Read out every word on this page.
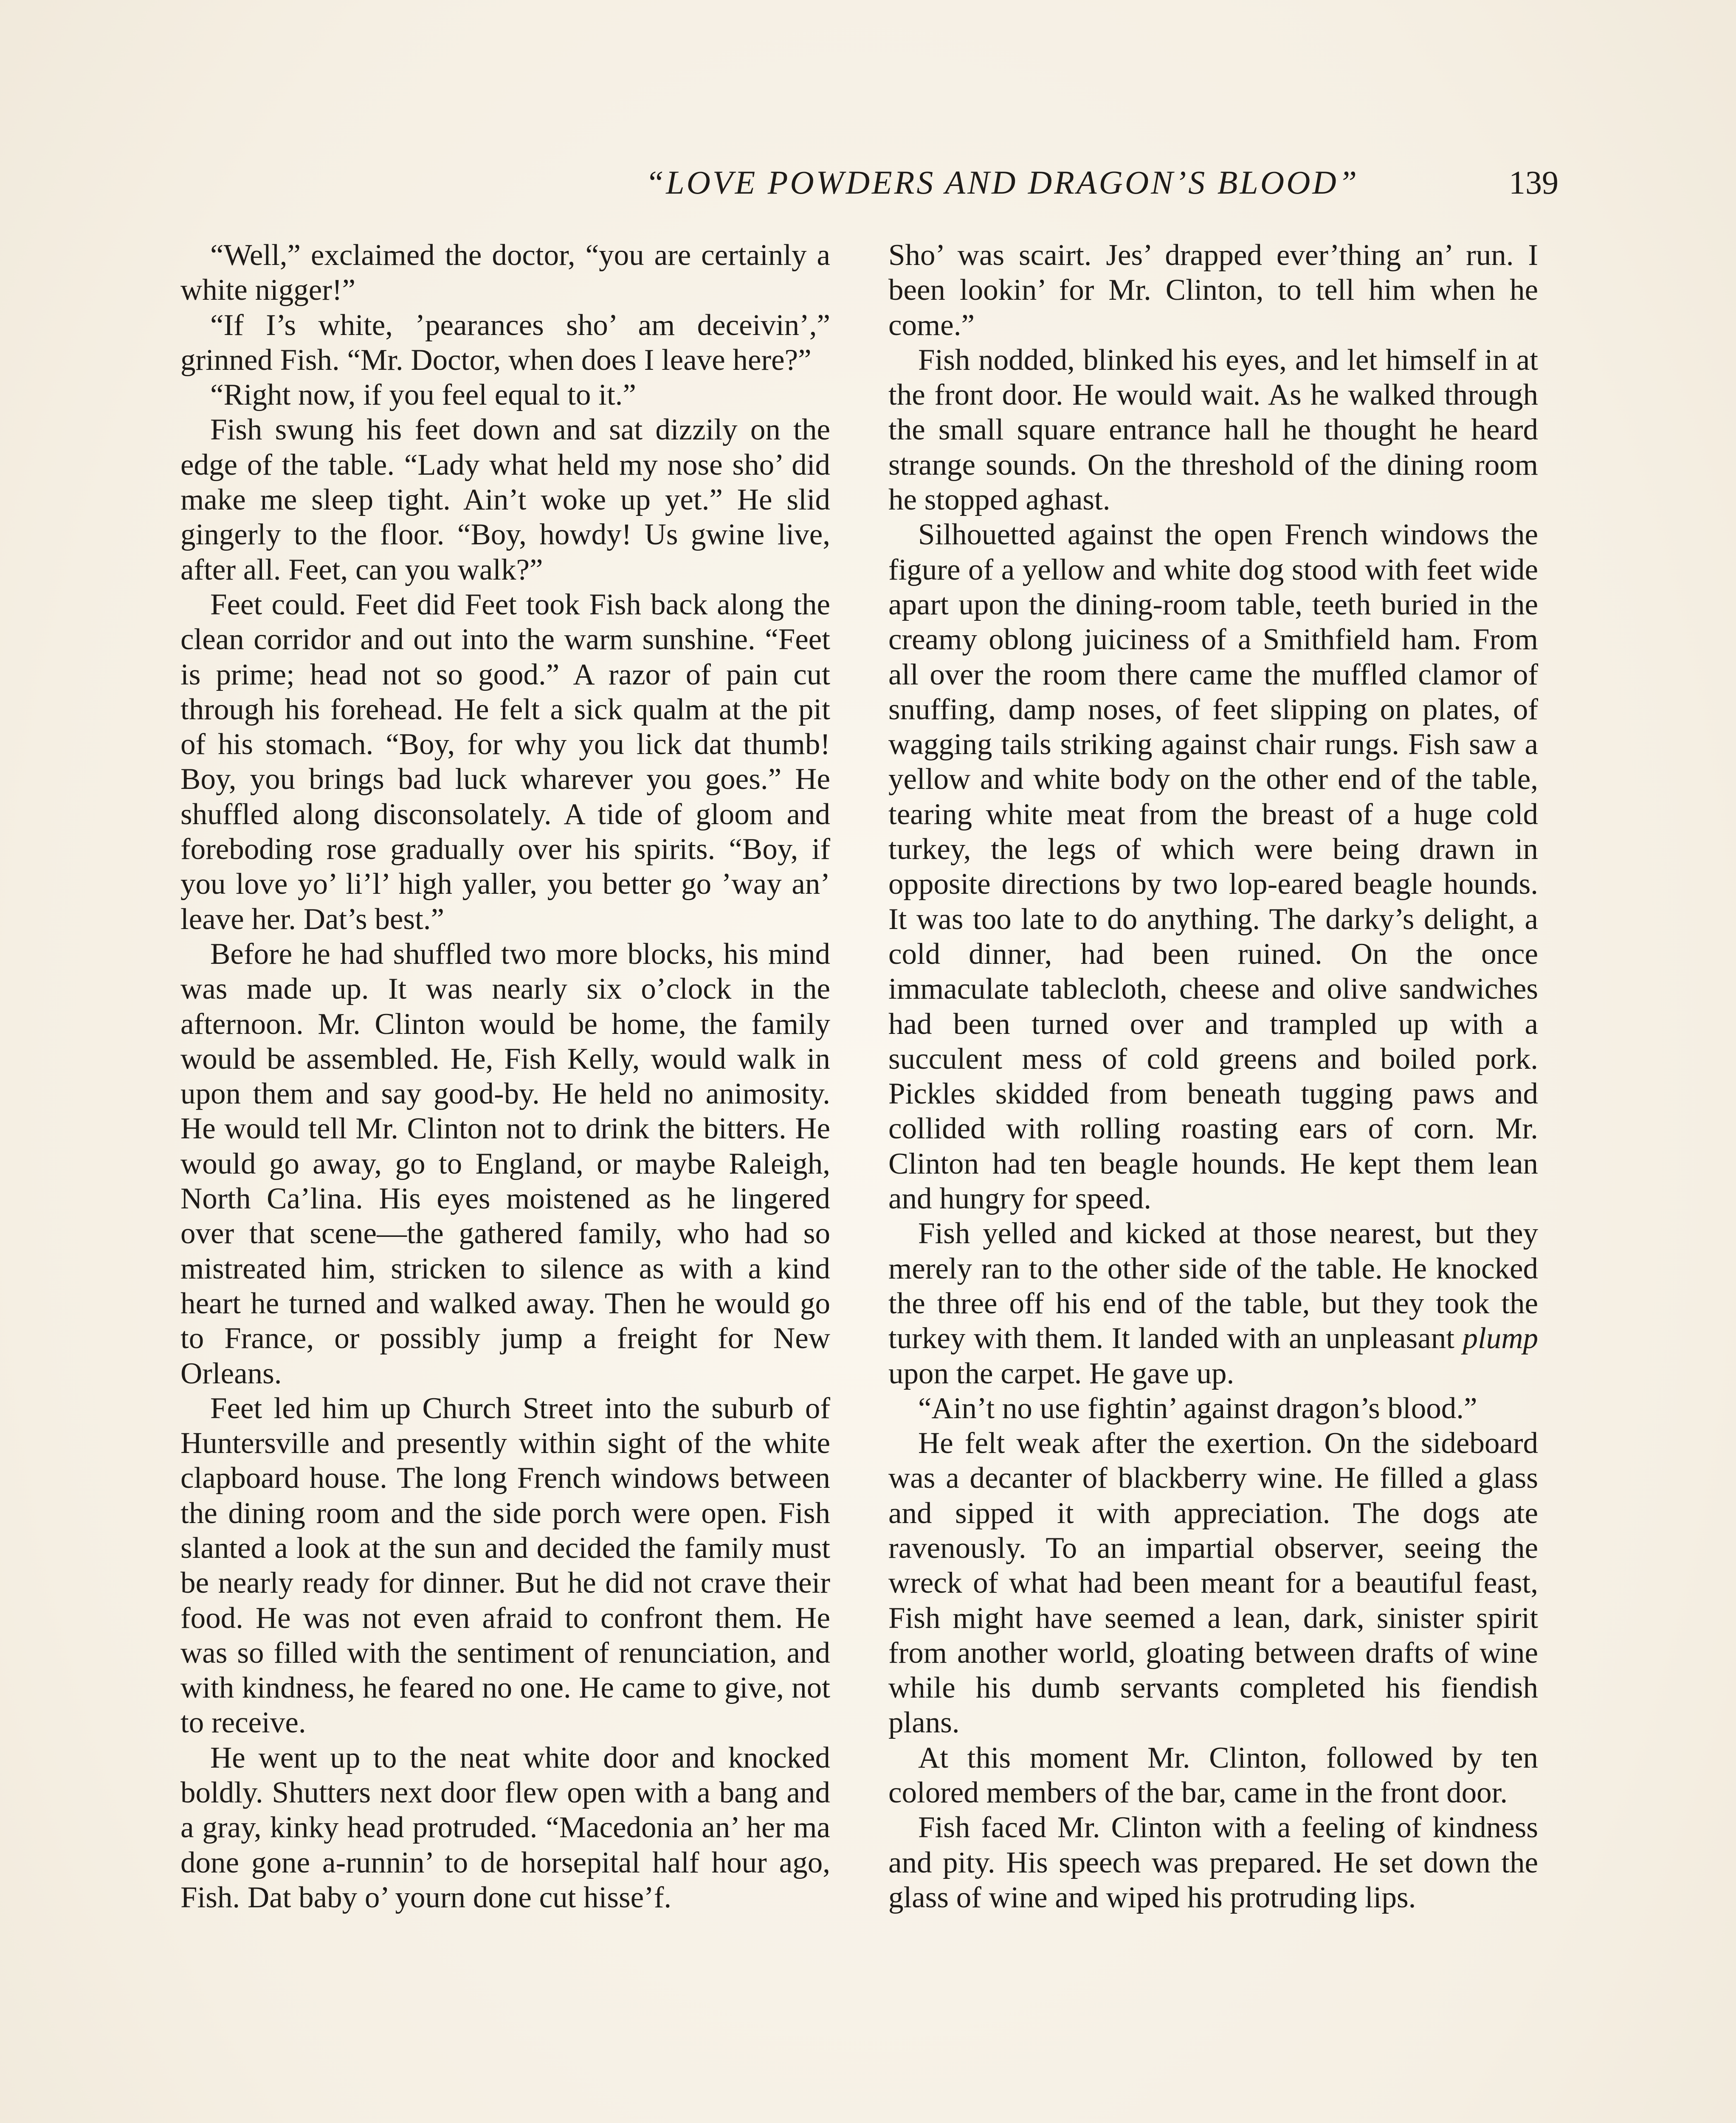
“LOVE POWDERS AND DRAGON’S BLOOD”	139

“Well,” exclaimed the doctor, “you are certainly a white nigger!”

“If I’s white, ’pearances sho’ am deceivin’,” grinned Fish. “Mr. Doctor, when does I leave here?”

“Right now, if you feel equal to it.”

Fish swung his feet down and sat dizzily on the edge of the table. “Lady what held my nose sho’ did make me sleep tight. Ain’t woke up yet.” He slid gingerly to the floor. “Boy, howdy! Us gwine live, after all. Feet, can you walk?”

Feet could. Feet did Feet took Fish back along the clean corridor and out into the warm sunshine. “Feet is prime; head not so good.” A razor of pain cut through his forehead. He felt a sick qualm at the pit of his stomach. “Boy, for why you lick dat thumb! Boy, you brings bad luck wharever you goes.” He shuffled along disconsolately. A tide of gloom and foreboding rose gradually over his spirits. “Boy, if you love yo’ li’l’ high yaller, you better go ’way an’ leave her. Dat’s best.”

Before he had shuffled two more blocks, his mind was made up. It was nearly six o’clock in the afternoon. Mr. Clinton would be home, the family would be assembled. He, Fish Kelly, would walk in upon them and say good-by. He held no animosity. He would tell Mr. Clinton not to drink the bitters. He would go away, go to England, or maybe Raleigh, North Ca’lina. His eyes moistened as he lingered over that scene—the gathered family, who had so mistreated him, stricken to silence as with a kind heart he turned and walked away. Then he would go to France, or possibly jump a freight for New Orleans.

Feet led him up Church Street into the suburb of Huntersville and presently within sight of the white clapboard house. The long French windows between the dining room and the side porch were open. Fish slanted a look at the sun and decided the family must be nearly ready for dinner. But he did not crave their food. He was not even afraid to confront them. He was so filled with the sentiment of renunciation, and with kindness, he feared no one. He came to give, not to receive.

He went up to the neat white door and knocked boldly. Shutters next door flew open with a bang and a gray, kinky head protruded. “Macedonia an’ her ma done gone a-runnin’ to de horsepital half hour ago, Fish. Dat baby o’ yourn done cut hisse’f.

Sho’ was scairt. Jes’ drapped ever’thing an’ run. I been lookin’ for Mr. Clinton, to tell him when he come.”

Fish nodded, blinked his eyes, and let himself in at the front door. He would wait. As he walked through the small square entrance hall he thought he heard strange sounds. On the threshold of the dining room he stopped aghast.

Silhouetted against the open French windows the figure of a yellow and white dog stood with feet wide apart upon the dining-room table, teeth buried in the creamy oblong juiciness of a Smithfield ham. From all over the room there came the muffled clamor of snuffing, damp noses, of feet slipping on plates, of wagging tails striking against chair rungs. Fish saw a yellow and white body on the other end of the table, tearing white meat from the breast of a huge cold turkey, the legs of which were being drawn in opposite directions by two lop-eared beagle hounds. It was too late to do anything. The darky’s delight, a cold dinner, had been ruined. On the once immaculate tablecloth, cheese and olive sandwiches had been turned over and trampled up with a succulent mess of cold greens and boiled pork. Pickles skidded from beneath tugging paws and collided with rolling roasting ears of corn. Mr. Clinton had ten beagle hounds. He kept them lean and hungry for speed.

Fish yelled and kicked at those nearest, but they merely ran to the other side of the table. He knocked the three off his end of the table, but they took the turkey with them. It landed with an unpleasant plump upon the carpet. He gave up.

“Ain’t no use fightin’ against dragon’s blood.”

He felt weak after the exertion. On the sideboard was a decanter of blackberry wine. He filled a glass and sipped it with appreciation. The dogs ate ravenously. To an impartial observer, seeing the wreck of what had been meant for a beautiful feast, Fish might have seemed a lean, dark, sinister spirit from another world, gloating between drafts of wine while his dumb servants completed his fiendish plans.

At this moment Mr. Clinton, followed by ten colored members of the bar, came in the front door.

Fish faced Mr. Clinton with a feeling of kindness and pity. His speech was prepared. He set down the glass of wine and wiped his protruding lips.
